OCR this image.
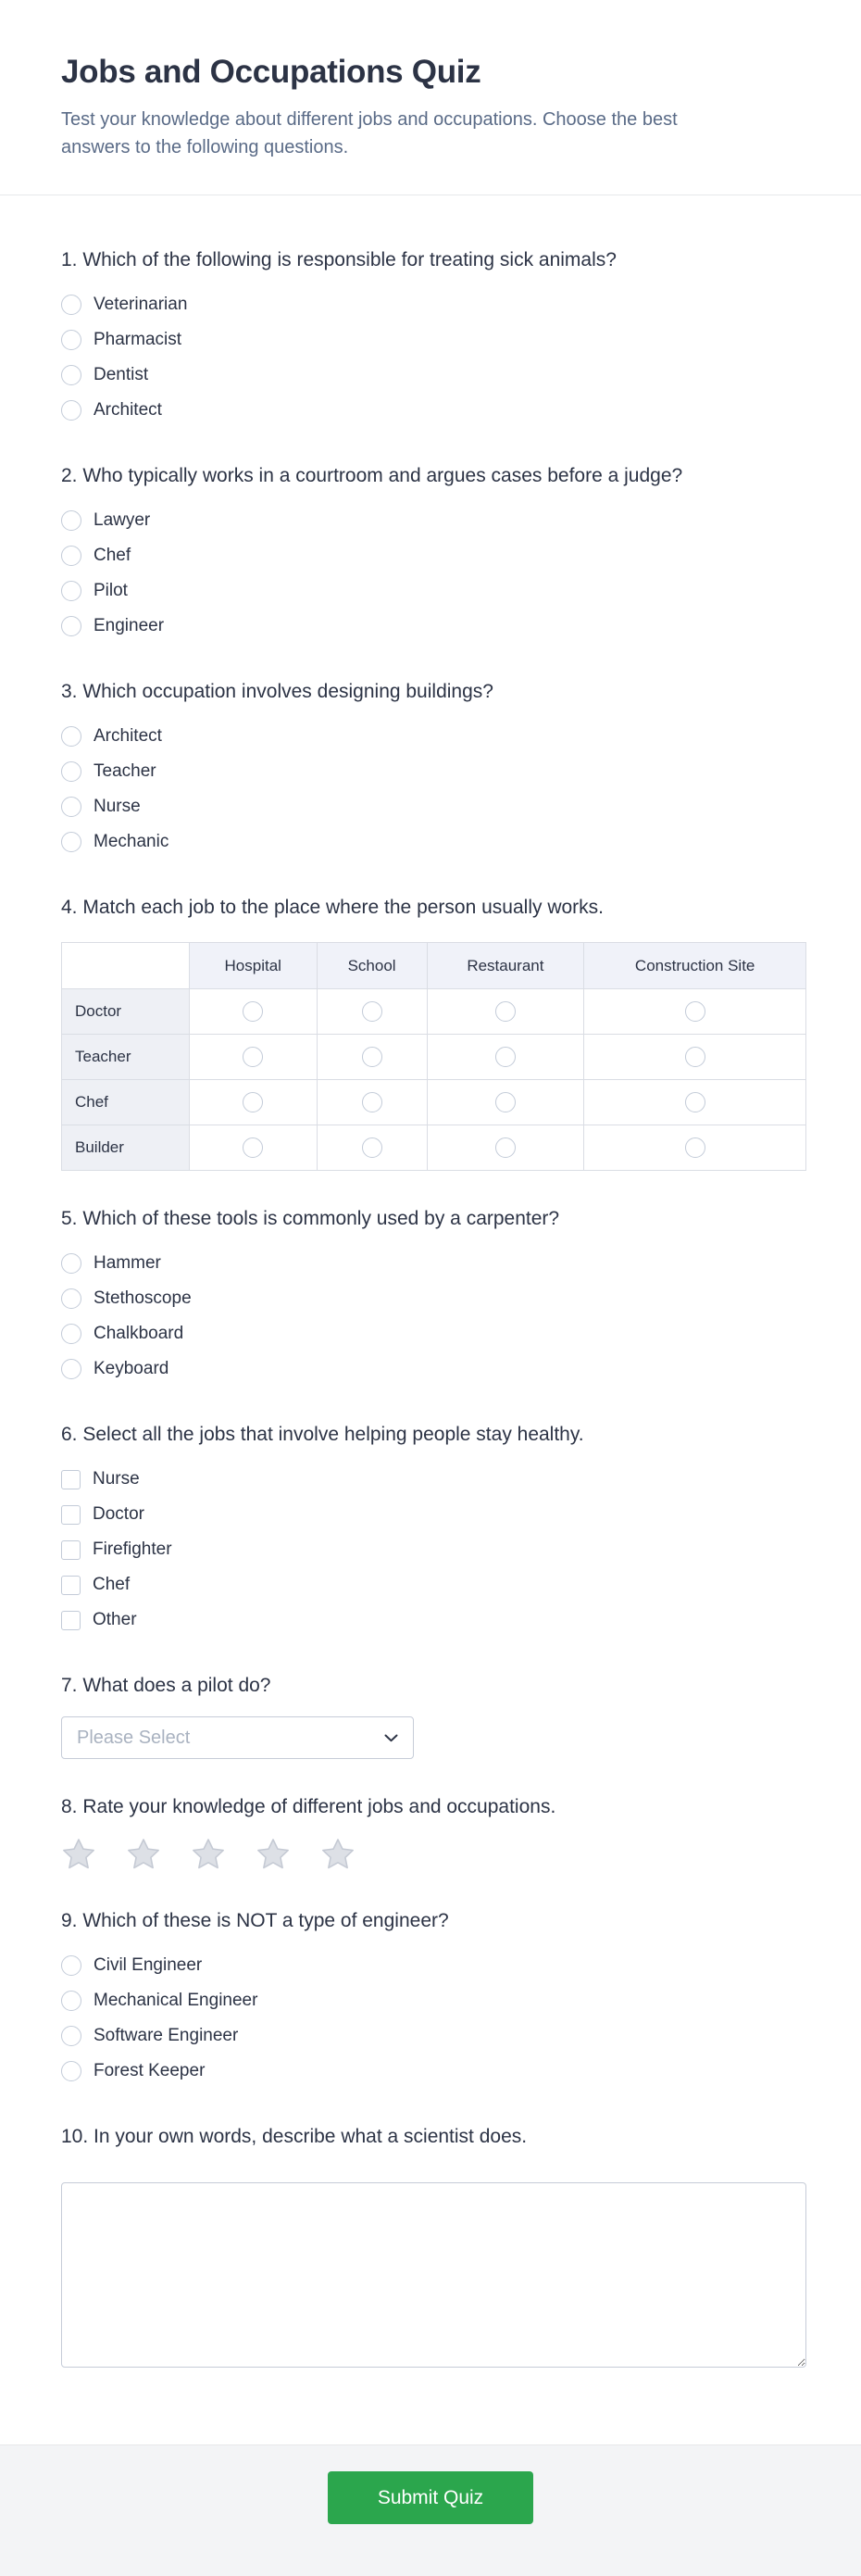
Jobs and Occupations Quiz
Test your knowledge about different jobs and occupations. Choose the best answers to the following questions.
1. Which of the following is responsible for treating sick animals?
Veterinarian
Pharmacist
Dentist
Architect
2. Who typically works in a courtroom and argues cases before a judge?
Lawyer
Chef
Pilot
Engineer
3. Which occupation involves designing buildings?
Architect
Teacher
Nurse
Mechanic
4. Match each job to the place where the person usually works.
	Hospital	School	Restaurant	Construction Site
Doctor	

Teacher	

Chef	

Builder	

5. Which of these tools is commonly used by a carpenter?
Hammer
Stethoscope
Chalkboard
Keyboard
6. Select all the jobs that involve helping people stay healthy.
Nurse
Doctor
Firefighter
Chef
Other
7. What does a pilot do?
Please Select
8. Rate your knowledge of different jobs and occupations.
9. Which of these is NOT a type of engineer?
Civil Engineer
Mechanical Engineer
Software Engineer
Forest Keeper
10. In your own words, describe what a scientist does.
Submit Quiz
